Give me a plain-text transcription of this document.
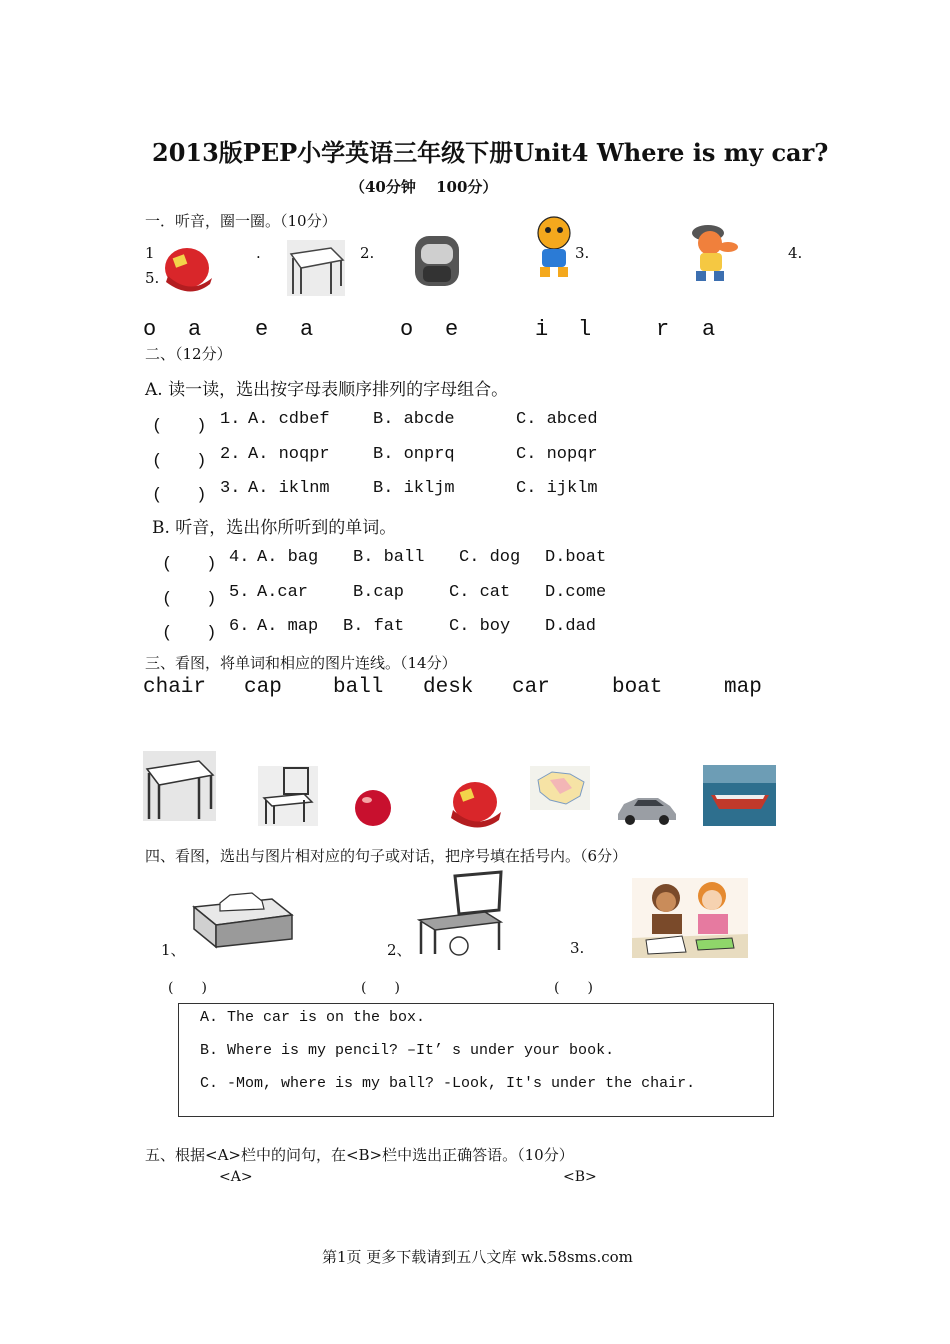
2013版PEP小学英语三年级下册Unit4 Where is my car?
（40分钟　 100分）
一．听音，圈一圈。（10分）
1	.	2.	3.	4.
5.
o a e a	o e	i l	r a
二、（12分）
A. 读一读，选出按字母表顺序排列的字母组合。
(　　) 1. A. cdbef	B. abcde	C. abced
(　　) 2. A. noqpr	B. onprq	C. nopqr
(　　) 3. A. iklnm	B. ikljm	C. ijklm
B. 听音，选出你所听到的单词。
(　　) 4. A. bag B. ball C. dog D.boat
(　　) 5. A.car	B.cap	C. cat D.come
(　　) 6. A. map B. fat	C. boy D.dad
三、看图，将单词和相应的图片连线。（14分）
chair cap ball desk car	boat	map
四、看图，选出与图片相对应的句子或对话，把序号填在括号内。（6分）
1、	2、	3.
(　　)	(　　)	(　　)
A. The car is on the box.
B. Where is my pencil? –It’ s under your book.
C. -Mom, where is my ball? -Look, It's under the chair.
五、根据<A>栏中的问句，在<B>栏中选出正确答语。（10分）
<A>	<B>
第1页 更多下载请到五八文库 wk.58sms.com
